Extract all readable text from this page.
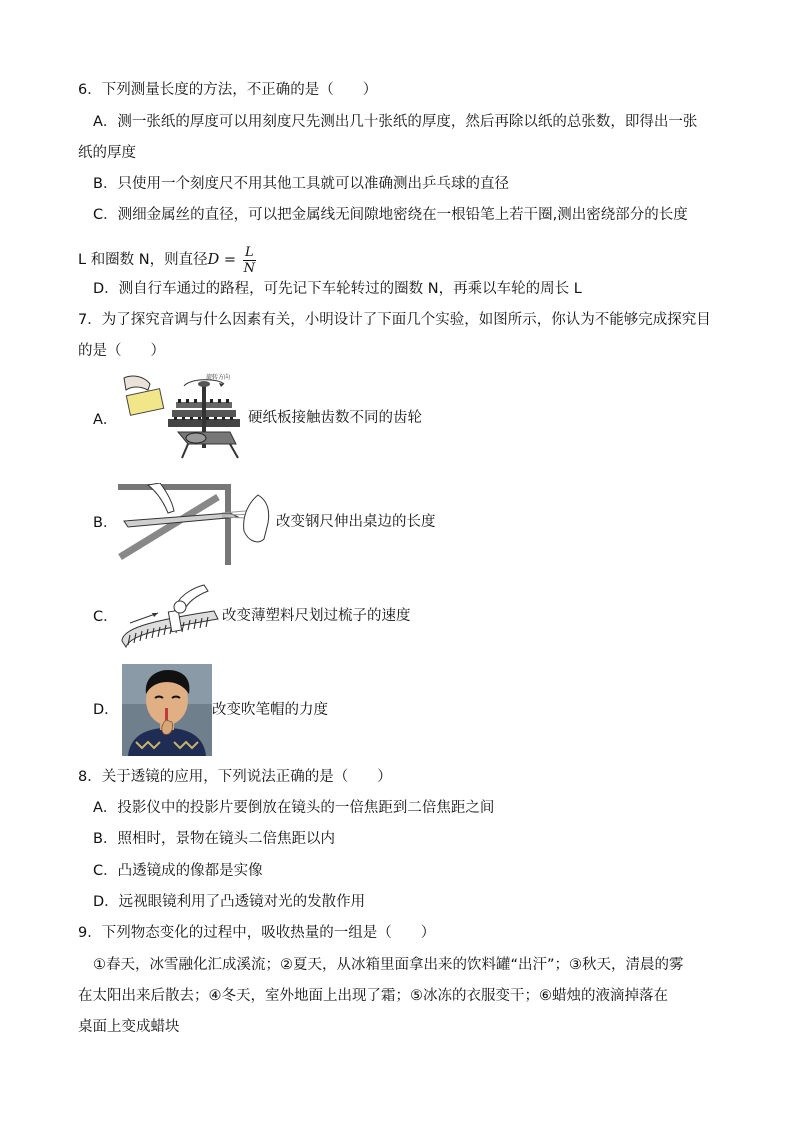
6．下列测量长度的方法，不正确的是（　　）
A．测一张纸的厚度可以用刻度尺先测出几十张纸的厚度，然后再除以纸的总张数，即得出一张
纸的厚度
B．只使用一个刻度尺不用其他工具就可以准确测出乒乓球的直径
C．测细金属丝的直径，可以把金属线无间隙地密绕在一根铅笔上若干圈,测出密绕部分的长度
L 和圈数 N，则直径$D = \frac{L}{N}$
D．测自行车通过的路程，可先记下车轮转过的圈数 N，再乘以车轮的周长 L
7．为了探究音调与什么因素有关，小明设计了下面几个实验，如图所示，你认为不能够完成探究目
的是（　　）
A．
旋转方向
硬纸板接触齿数不同的齿轮
B．	改变钢尺伸出桌边的长度
C．	改变薄塑料尺划过梳子的速度
D．	改变吹笔帽的力度
8．关于透镜的应用，下列说法正确的是（　　）
A．投影仪中的投影片要倒放在镜头的一倍焦距到二倍焦距之间
B．照相时，景物在镜头二倍焦距以内
C．凸透镜成的像都是实像
D．远视眼镜利用了凸透镜对光的发散作用
9．下列物态变化的过程中，吸收热量的一组是（　　）
①春天，冰雪融化汇成溪流；②夏天，从冰箱里面拿出来的饮料罐“出汗”；③秋天，清晨的雾
在太阳出来后散去；④冬天，室外地面上出现了霜；⑤冰冻的衣服变干；⑥蜡烛的液滴掉落在
桌面上变成蜡块
